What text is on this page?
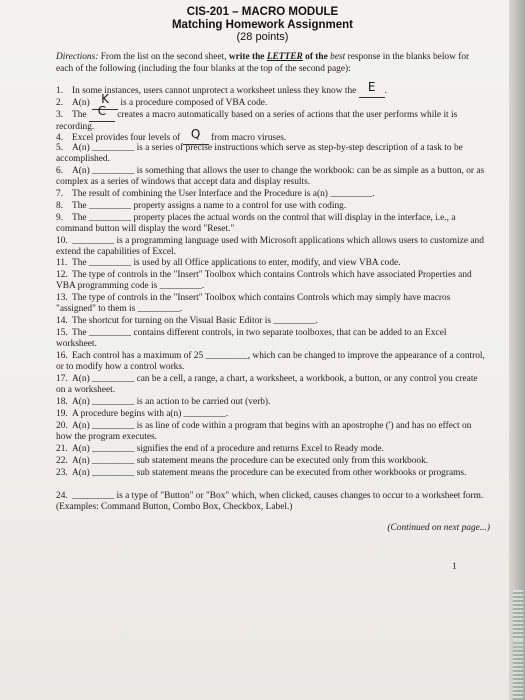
CIS-201 – MACRO MODULE
Matching Homework Assignment
(28 points)
Directions: From the list on the second sheet, write the LETTER of the best response in the blanks below for each of the following (including the four blanks at the top of the second page):
1. In some instances, users cannot unprotect a worksheet unless they know the E .
2. A(n) K is a procedure composed of VBA code.
3. The C creates a macro automatically based on a series of actions that the user performs while it is recording.
4. Excel provides four levels of Q from macro viruses.
5. A(n) _________ is a series of precise instructions which serve as step-by-step description of a task to be accomplished.
6. A(n) _________ is something that allows the user to change the workbook: can be as simple as a button, or as complex as a series of windows that accept data and display results.
7. The result of combining the User Interface and the Procedure is a(n) _________.
8. The _________ property assigns a name to a control for use with coding.
9. The _________ property places the actual words on the control that will display in the interface, i.e., a command button will display the word "Reset."
10. _________ is a programming language used with Microsoft applications which allows users to customize and extend the capabilities of Excel.
11. The _________ is used by all Office applications to enter, modify, and view VBA code.
12. The type of controls in the "Insert" Toolbox which contains Controls which have associated Properties and VBA programming code is _________.
13. The type of controls in the "Insert" Toolbox which contains Controls which may simply have macros "assigned" to them is _________.
14. The shortcut for turning on the Visual Basic Editor is _________.
15. The _________ contains different controls, in two separate toolboxes, that can be added to an Excel worksheet.
16. Each control has a maximum of 25 _________, which can be changed to improve the appearance of a control, or to modify how a control works.
17. A(n) _________ can be a cell, a range, a chart, a worksheet, a workbook, a button, or any control you create on a worksheet.
18. A(n) _________ is an action to be carried out (verb).
19. A procedure begins with a(n) _________.
20. A(n) _________ is as line of code within a program that begins with an apostrophe (') and has no effect on how the program executes.
21. A(n) _________ signifies the end of a procedure and returns Excel to Ready mode.
22. A(n) _________ sub statement means the procedure can be executed only from this workbook.
23. A(n) _________ sub statement means the procedure can be executed from other workbooks or programs.
24. _________ is a type of "Button" or "Box" which, when clicked, causes changes to occur to a worksheet form. (Examples: Command Button, Combo Box, Checkbox, Label.)
(Continued on next page...)
1
